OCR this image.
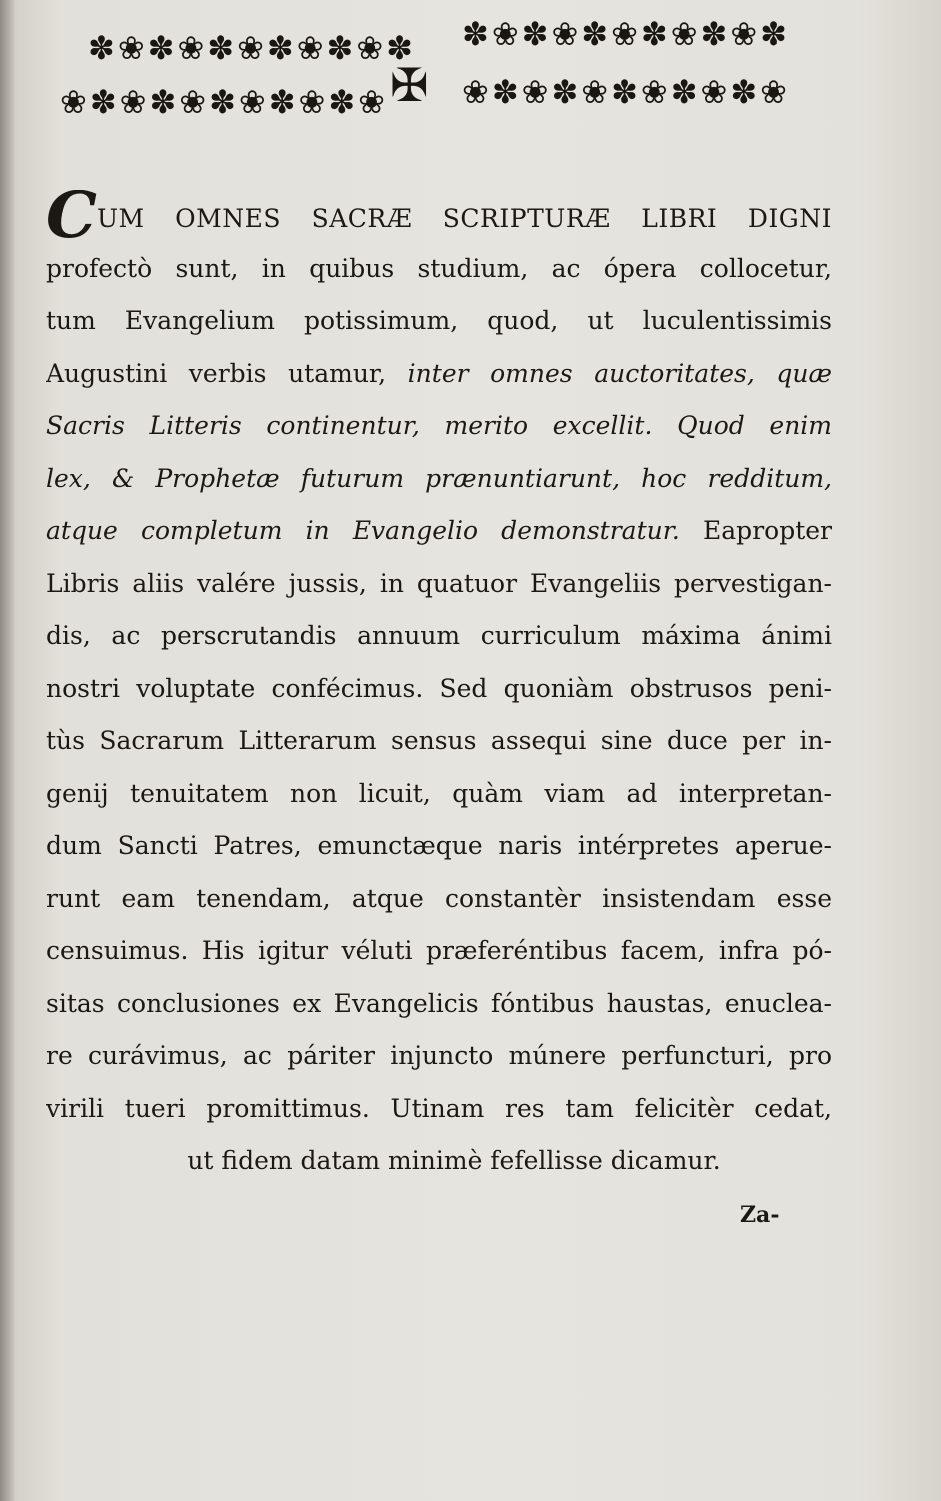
✽❀✽❀✽❀✽❀✽❀✽
❀✽❀✽❀✽❀✽❀✽❀ ✠
✽❀✽❀✽❀✽❀✽❀✽
❀✽❀✽❀✽❀✽❀✽❀
CUM OMNES SACRÆ SCRIPTURÆ LIBRI DIGNI
profectò sunt, in quibus studium, ac ópera collocetur,
tum Evangelium potissimum, quod, ut luculentissimis
Augustini verbis utamur, inter omnes auctoritates, quæ
Sacris Litteris continentur, merito excellit. Quod enim
lex, & Prophetæ futurum prænuntiarunt, hoc redditum,
atque completum in Evangelio demonstratur. Eapropter
Libris aliis valére jussis, in quatuor Evangeliis pervestigan-
dis, ac perscrutandis annuum curriculum máxima ánimi
nostri voluptate confécimus. Sed quoniàm obstrusos peni-
tùs Sacrarum Litterarum sensus assequi sine duce per in-
genij tenuitatem non licuit, quàm viam ad interpretan-
dum Sancti Patres, emunctæque naris intérpretes aperue-
runt eam tenendam, atque constantèr insistendam esse
censuimus. His igitur véluti præferéntibus facem, infra pó-
sitas conclusiones ex Evangelicis fóntibus haustas, enuclea-
re curávimus, ac páriter injuncto múnere perfuncturi, pro
virili tueri promittimus. Utinam res tam felicitèr cedat,
ut fidem datam minimè fefellisse dicamur.
Za-
